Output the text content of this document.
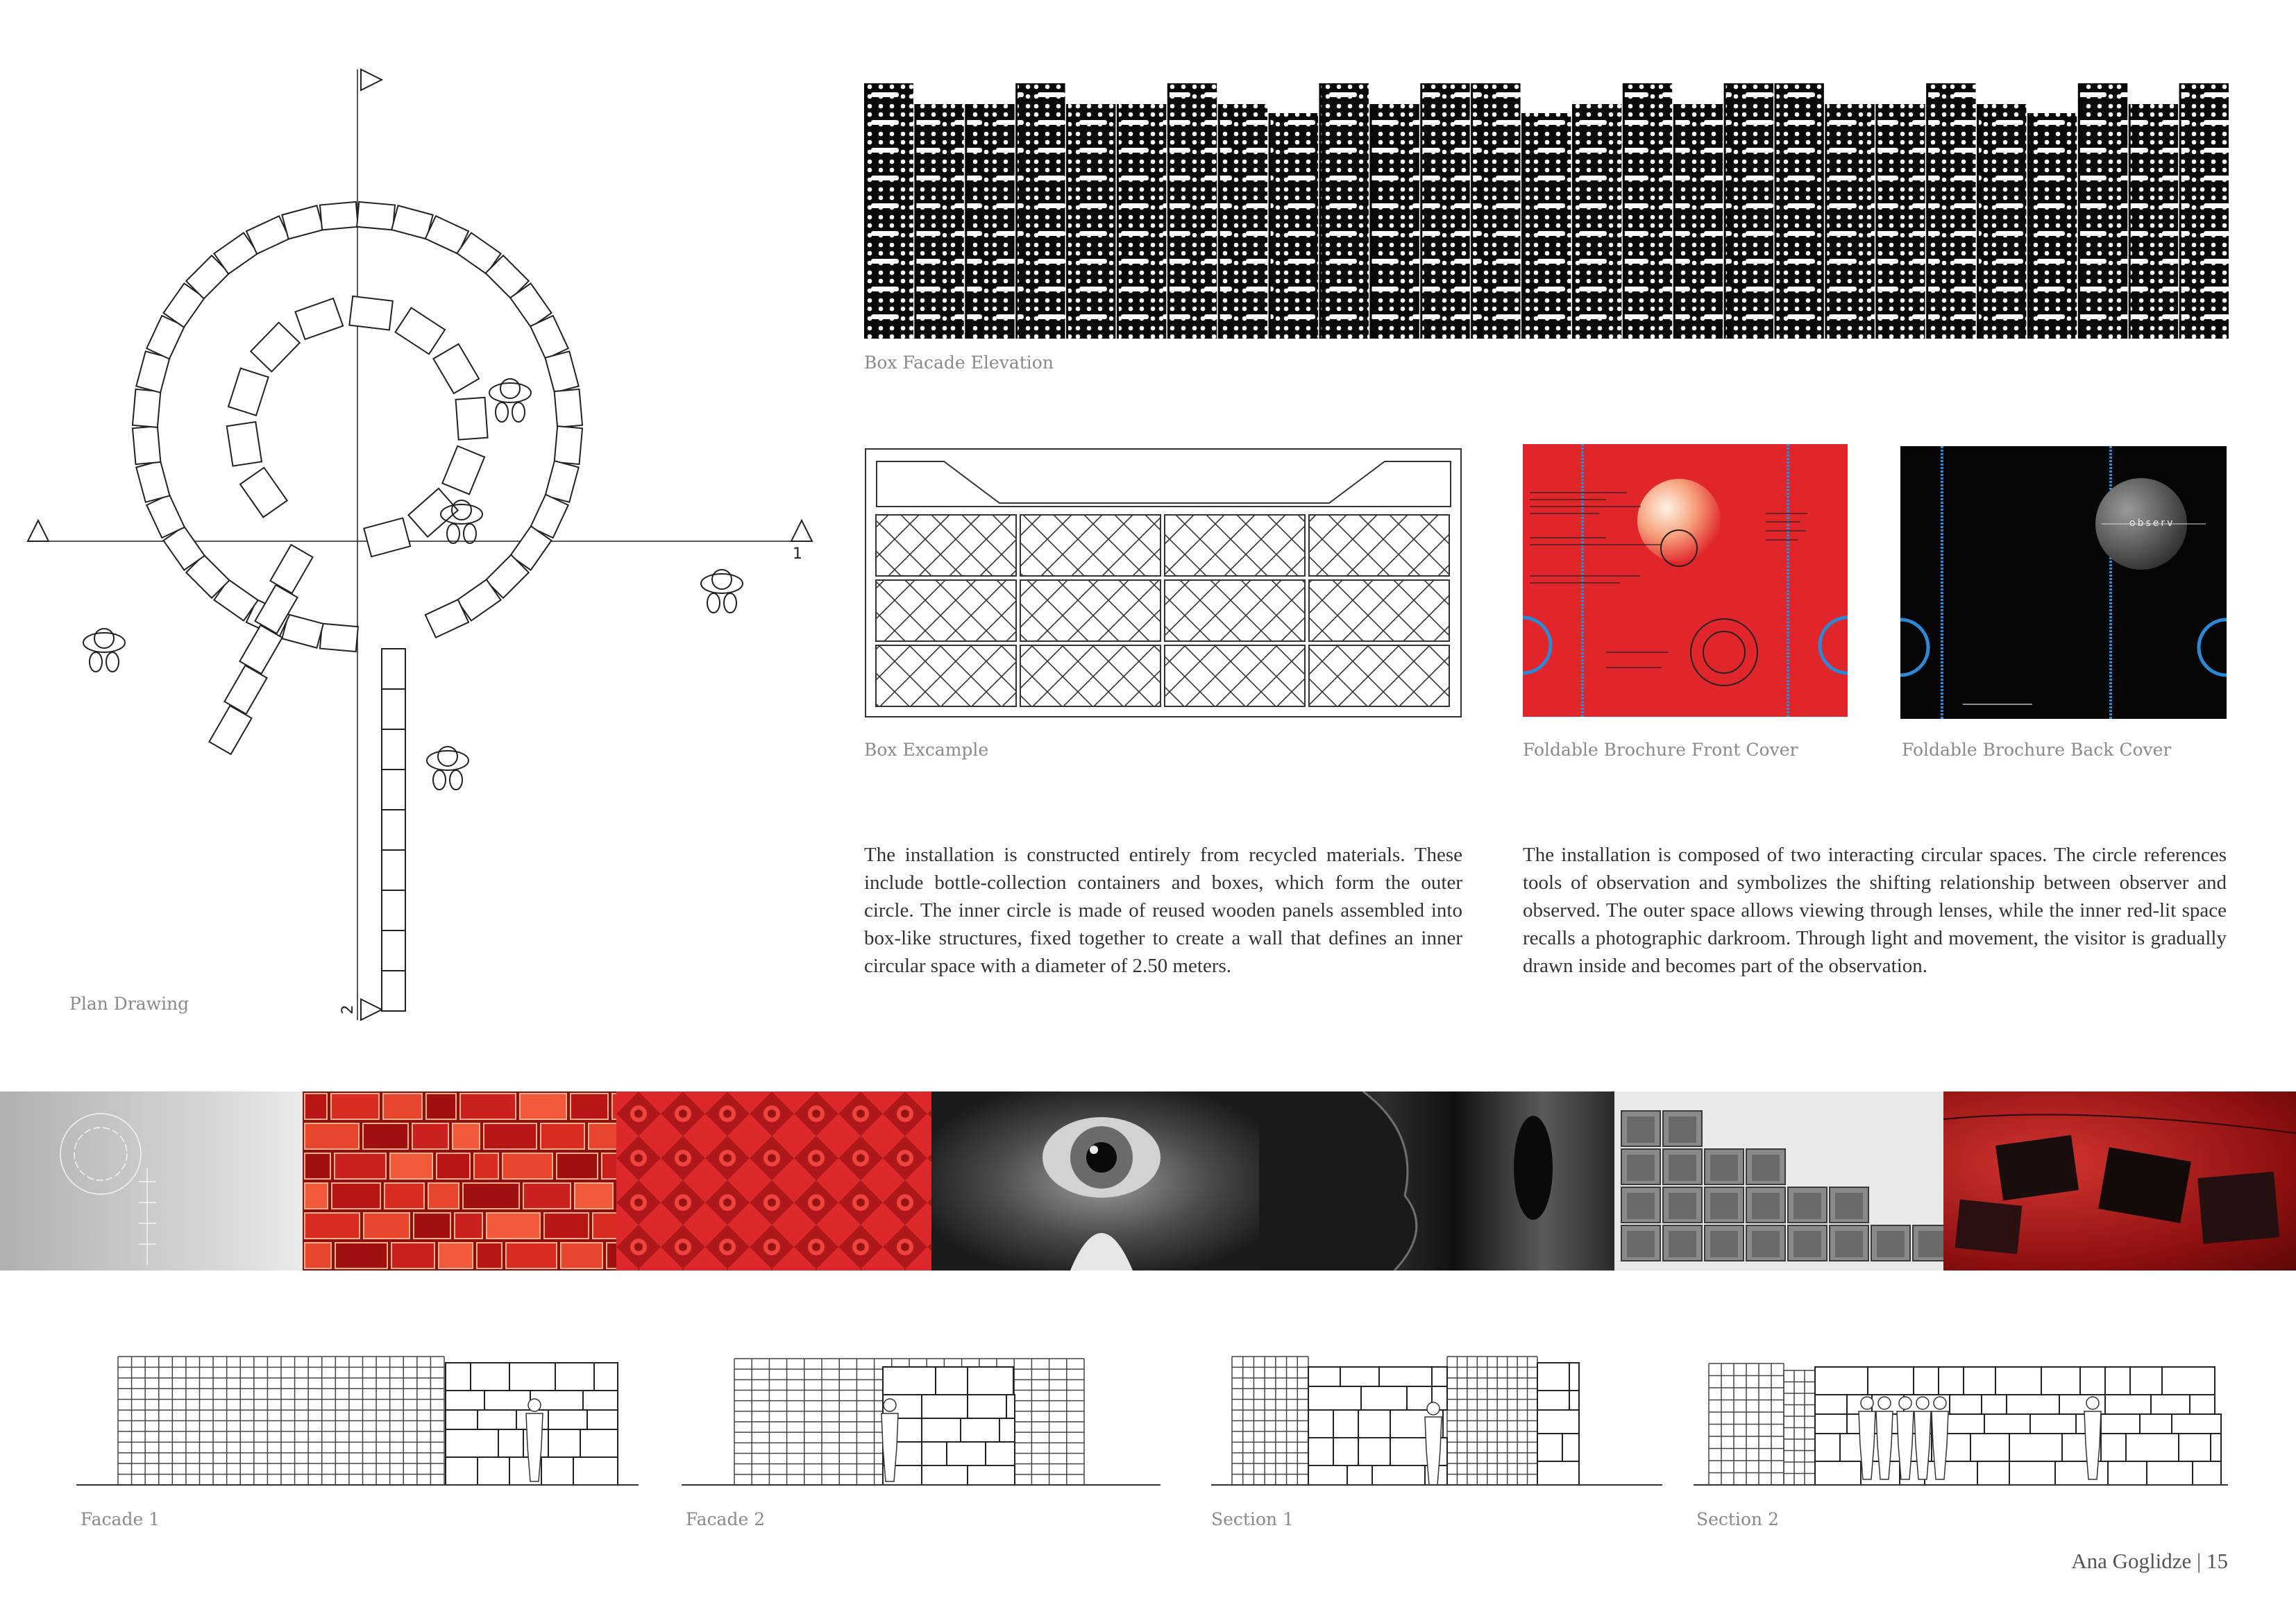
1
2
Plan Drawing
Box Facade Elevation
Box Excample	Foldable Brochure Front Cover
observ
Foldable Brochure Back Cover
The installation is constructed entirely from recycled materials. These include bottle-collection containers and boxes, which form the outer circle. The inner circle is made of reused wooden panels assembled into box-like structures, fixed together to create a wall that defines an inner circular space with a diameter of 2.50 meters.
The installation is composed of two interacting circular spaces. The circle references tools of observation and symbolizes the shifting relationship between observer and observed. The outer space allows viewing through lenses, while the inner red-lit space recalls a photographic darkroom. Through light and movement, the visitor is gradually drawn inside and becomes part of the observation.
Facade 1	Facade 2	Section 1	Section 2
Ana Goglidze | 15
